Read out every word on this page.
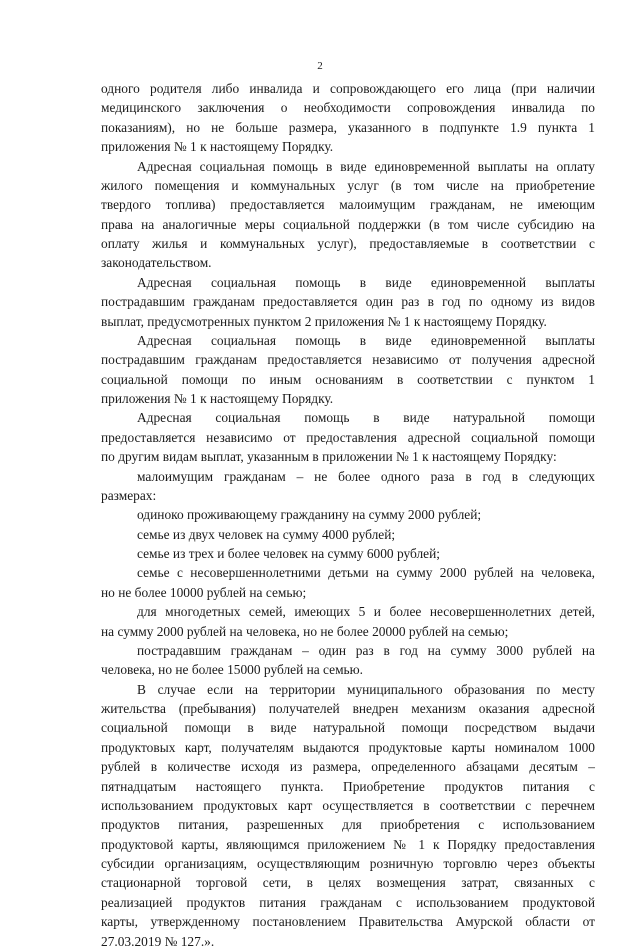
2
одного родителя либо инвалида и сопровождающего его лица (при наличии
медицинского заключения о необходимости сопровождения инвалида по
показаниям), но не больше размера, указанного в подпункте 1.9 пункта 1
приложения № 1 к настоящему Порядку.
Адресная социальная помощь в виде единовременной выплаты на оплату
жилого помещения и коммунальных услуг (в том числе на приобретение
твердого топлива) предоставляется малоимущим гражданам, не имеющим
права на аналогичные меры социальной поддержки (в том числе субсидию на
оплату жилья и коммунальных услуг), предоставляемые в соответствии с
законодательством.
Адресная социальная помощь в виде единовременной выплаты
пострадавшим гражданам предоставляется один раз в год по одному из видов
выплат, предусмотренных пунктом 2 приложения № 1 к настоящему Порядку.
Адресная социальная помощь в виде единовременной выплаты
пострадавшим гражданам предоставляется независимо от получения адресной
социальной помощи по иным основаниям в соответствии с пунктом 1
приложения № 1 к настоящему Порядку.
Адресная социальная помощь в виде натуральной помощи
предоставляется независимо от предоставления адресной социальной помощи
по другим видам выплат, указанным в приложении № 1 к настоящему Порядку:
малоимущим гражданам – не более одного раза в год в следующих
размерах:
одиноко проживающему гражданину на сумму 2000 рублей;
семье из двух человек на сумму 4000 рублей;
семье из трех и более человек на сумму 6000 рублей;
семье с несовершеннолетними детьми на сумму 2000 рублей на человека,
но не более 10000 рублей на семью;
для многодетных семей, имеющих 5 и более несовершеннолетних детей,
на сумму 2000 рублей на человека, но не более 20000 рублей на семью;
пострадавшим гражданам – один раз в год на сумму 3000 рублей на
человека, но не более 15000 рублей на семью.
В случае если на территории муниципального образования по месту
жительства (пребывания) получателей внедрен механизм оказания адресной
социальной помощи в виде натуральной помощи посредством выдачи
продуктовых карт, получателям выдаются продуктовые карты номиналом 1000
рублей в количестве исходя из размера, определенного абзацами десятым –
пятнадцатым настоящего пункта. Приобретение продуктов питания с
использованием продуктовых карт осуществляется в соответствии с перечнем
продуктов питания, разрешенных для приобретения с использованием
продуктовой карты, являющимся приложением № 1 к Порядку предоставления
субсидии организациям, осуществляющим розничную торговлю через объекты
стационарной торговой сети, в целях возмещения затрат, связанных с
реализацией продуктов питания гражданам с использованием продуктовой
карты, утвержденному постановлением Правительства Амурской области от
27.03.2019 № 127.».
